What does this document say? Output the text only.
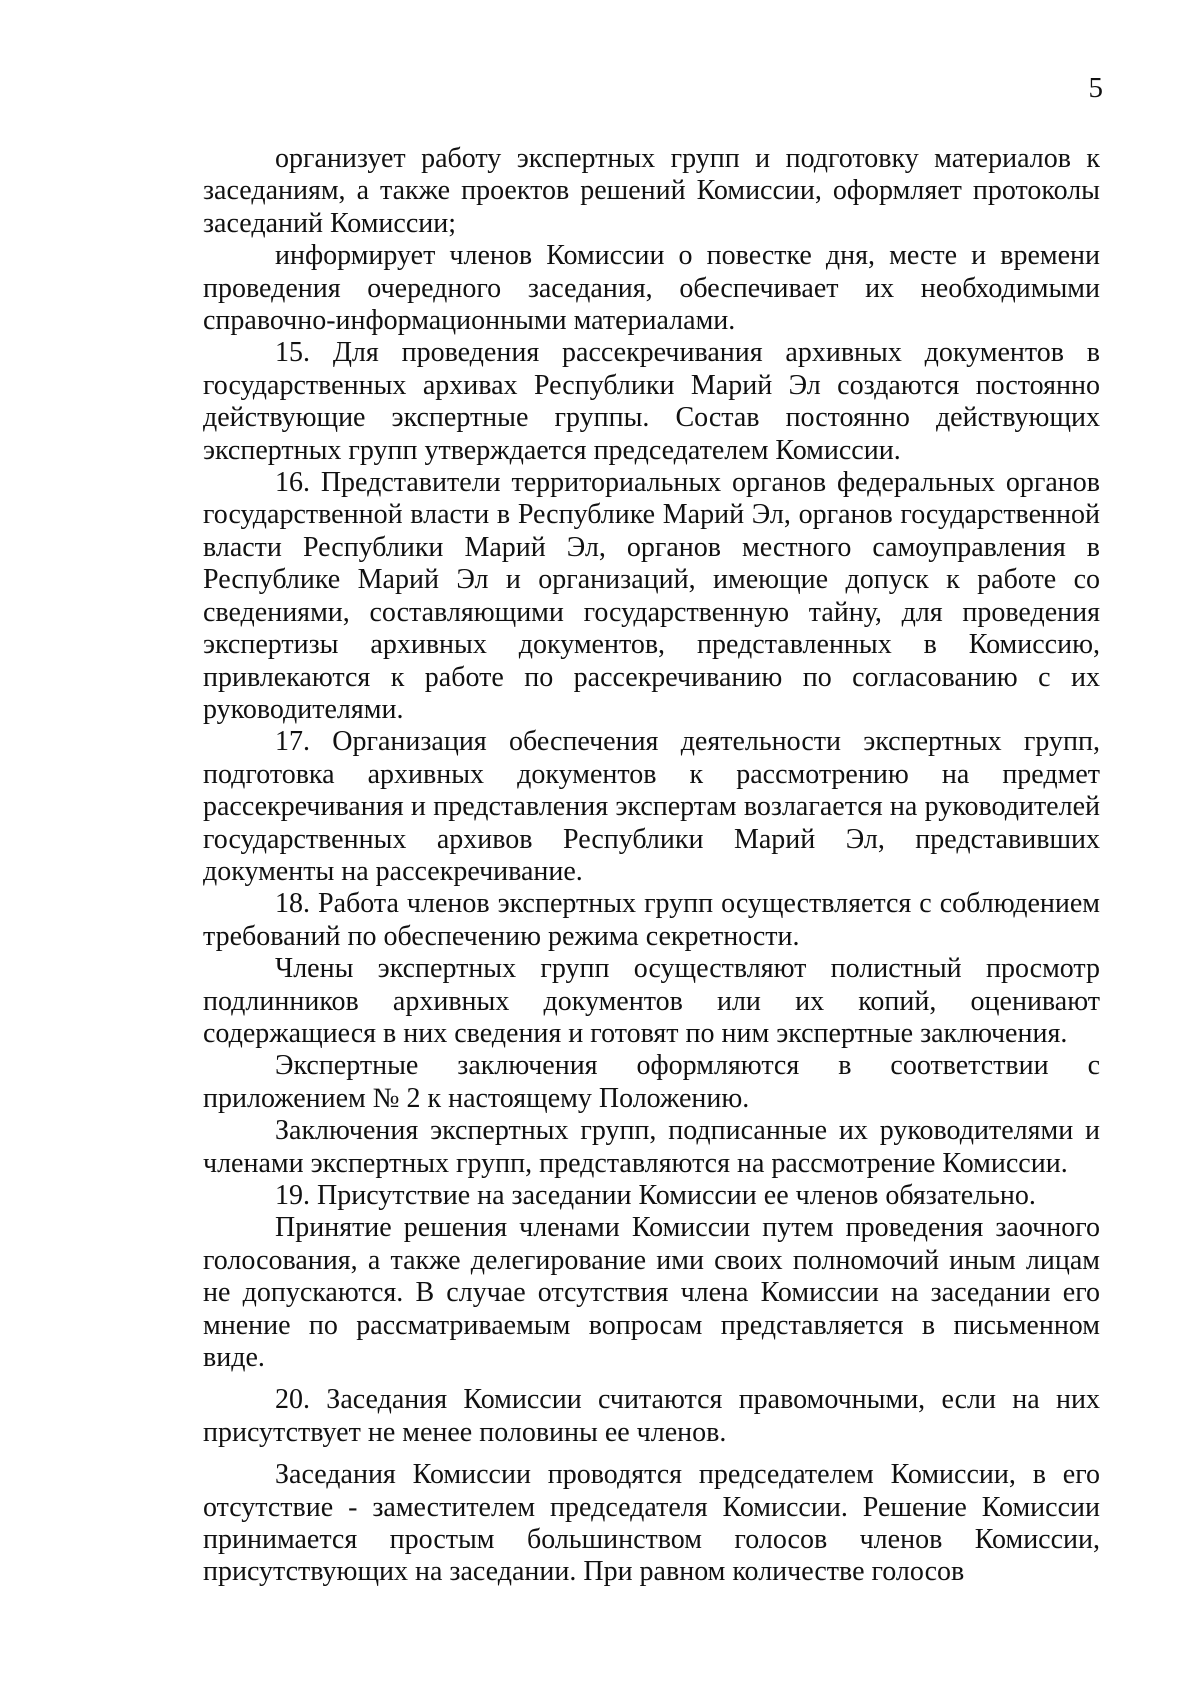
5

организует работу экспертных групп и подготовку материалов к заседаниям, а также проектов решений Комиссии, оформляет протоколы заседаний Комиссии;

информирует членов Комиссии о повестке дня, месте и времени проведения очередного заседания, обеспечивает их необходимыми справочно-информационными материалами.

15. Для проведения рассекречивания архивных документов в государственных архивах Республики Марий Эл создаются постоянно действующие экспертные группы. Состав постоянно действующих экспертных групп утверждается председателем Комиссии.

16. Представители территориальных органов федеральных органов государственной власти в Республике Марий Эл, органов государственной власти Республики Марий Эл, органов местного самоуправления в Республике Марий Эл и организаций, имеющие допуск к работе со сведениями, составляющими государственную тайну, для проведения экспертизы архивных документов, представленных в Комиссию, привлекаются к работе по рассекречиванию по согласованию с их руководителями.

17. Организация обеспечения деятельности экспертных групп, подготовка архивных документов к рассмотрению на предмет рассекречивания и представления экспертам возлагается на руководителей государственных архивов Республики Марий Эл, представивших документы на рассекречивание.

18. Работа членов экспертных групп осуществляется с соблюдением требований по обеспечению режима секретности.

Члены экспертных групп осуществляют полистный просмотр подлинников архивных документов или их копий, оценивают содержащиеся в них сведения и готовят по ним экспертные заключения.

Экспертные заключения оформляются в соответствии с приложением № 2 к настоящему Положению.

Заключения экспертных групп, подписанные их руководителями и членами экспертных групп, представляются на рассмотрение Комиссии.

19. Присутствие на заседании Комиссии ее членов обязательно.

Принятие решения членами Комиссии путем проведения заочного голосования, а также делегирование ими своих полномочий иным лицам не допускаются. В случае отсутствия члена Комиссии на заседании его мнение по рассматриваемым вопросам представляется в письменном виде.

20. Заседания Комиссии считаются правомочными, если на них присутствует не менее половины ее членов.

Заседания Комиссии проводятся председателем Комиссии, в его отсутствие - заместителем председателя Комиссии. Решение Комиссии принимается простым большинством голосов членов Комиссии, присутствующих на заседании. При равном количестве голосов
